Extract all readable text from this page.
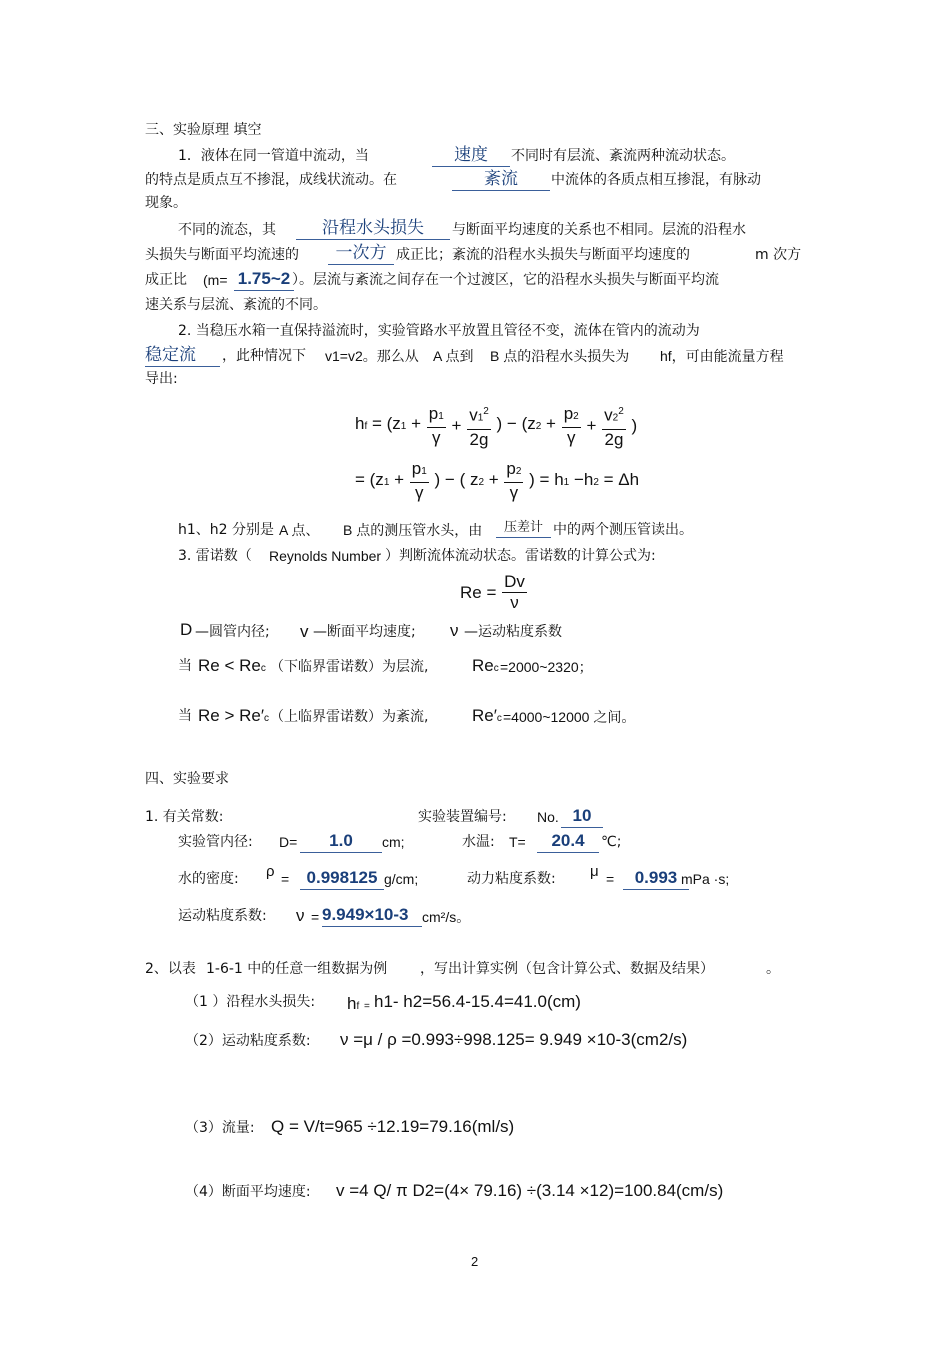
三、实验原理 填空
1．液体在同一管道中流动，当	速度	不同时有层流、紊流两种流动状态。
的特点是质点互不掺混，成线状流动。在	紊流	中流体的各质点相互掺混，有脉动
现象。
不同的流态，其	沿程水头损失	与断面平均速度的关系也不相同。层流的沿程水
头损失与断面平均流速的	一次方 成正比；紊流的沿程水头损失与断面平均速度的	m 次方
成正比 (m= 1.75~2 ）。层流与紊流之间存在一个过渡区，它的沿程水头损失与断面平均流
速关系与层流、紊流的不同。
2. 当稳压水箱一直保持溢流时，实验管路水平放置且管径不变，流体在管内的流动为
稳定流	，此种情况下 v1=v2。那么从 A 点到 B 点的沿程水头损失为 hf，可由能流量方程
导出:
hf = ($z1 + \frac{p1}{\gamma} + \frac{v1^2}{2g}$ ) − ($z2 + \frac{p2}{\gamma} + \frac{v2^2}{2g}$ )
= ($z1 + \frac{p1}{\gamma}$ ) − ( $z2 + \frac{p2}{\gamma}$ ) = h1 −h2 = Δh
h1、h2 分别是 A 点、 B 点的测压管水头，由	压差计 中的两个测压管读出。
3. 雷诺数（ Reynolds Number ）判断流体流动状态。雷诺数的计算公式为:
$Re = \frac{Dv}{\nu}$
D —圆管内径; v —断面平均速度; ν —运动粘度系数
当 Re < Rec （下临界雷诺数）为层流,	Rec =2000~2320；
当 Re > Re′c （上临界雷诺数）为紊流,	Re′c =4000~12000 之间。
四、实验要求
1. 有关常数:	实验装置编号: No. 10
实验管内径: D=	1.0	cm;	水温: T=	20.4	℃;
水的密度: ρ =	0.998125 g/cm;	动力粘度系数: μ =	0.993 mPa ·s;
运动粘度系数: ν = 9.949×10-3 cm²/s。
2、以表 1-6-1 中的任意一组数据为例 ，写出计算实例（包含计算公式、数据及结果）	。
（1 ）沿程水头损失: hf = h1- h2=56.4-15.4=41.0(cm)
（2）运动粘度系数: ν =μ / ρ =0.993÷998.125= 9.949 ×10-3(cm2/s)
（3）流量: Q = V/t=965 ÷12.19=79.16(ml/s)
（4）断面平均速度: v =4 Q/ π D2=(4× 79.16) ÷(3.14 ×12)=100.84(cm/s)
2
